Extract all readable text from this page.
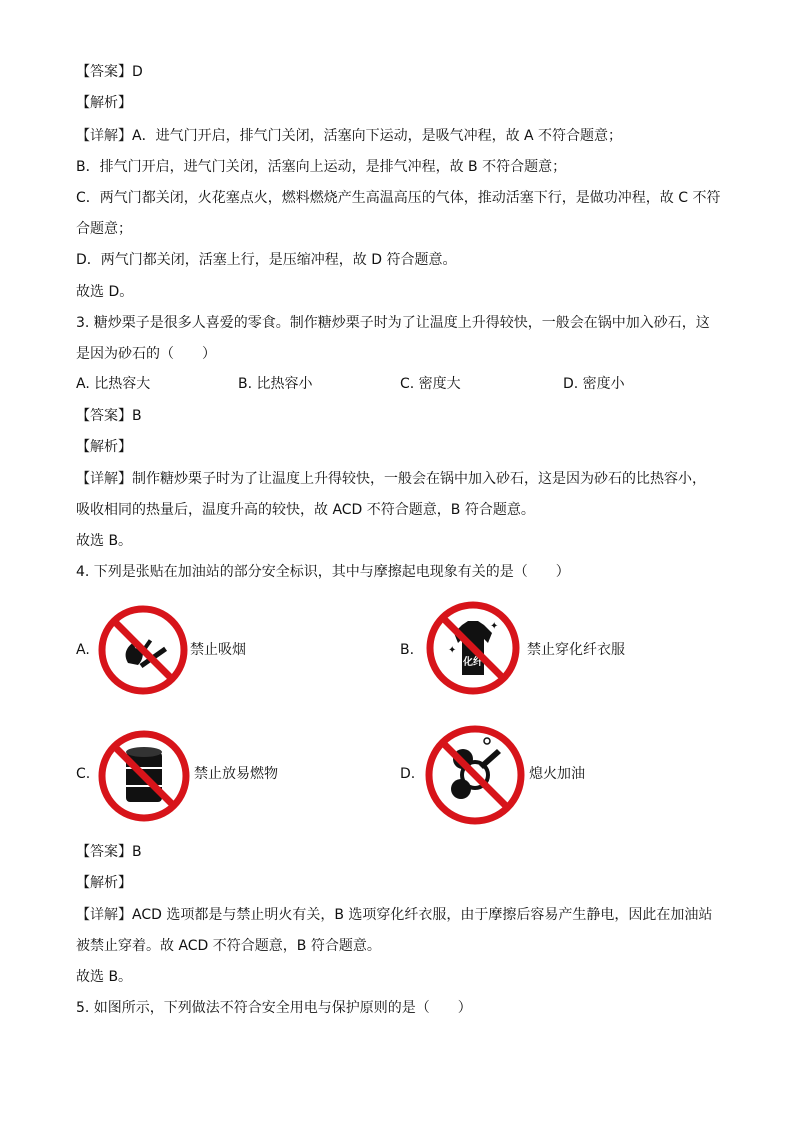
【答案】D
【解析】
【详解】A．进气门开启，排气门关闭，活塞向下运动，是吸气冲程，故 A 不符合题意；
B．排气门开启，进气门关闭，活塞向上运动，是排气冲程，故 B 不符合题意；
C．两气门都关闭，火花塞点火，燃料燃烧产生高温高压的气体，推动活塞下行，是做功冲程，故 C 不符
合题意；
D．两气门都关闭，活塞上行，是压缩冲程，故 D 符合题意。
故选 D。
3. 糖炒栗子是很多人喜爱的零食。制作糖炒栗子时为了让温度上升得较快，一般会在锅中加入砂石，这
是因为砂石的（　　）
A. 比热容大	B. 比热容小	C. 密度大	D. 密度小
【答案】B
【解析】
【详解】制作糖炒栗子时为了让温度上升得较快，一般会在锅中加入砂石，这是因为砂石的比热容小，
吸收相同的热量后，温度升高的较快，故 ACD 不符合题意，B 符合题意。
故选 B。
4. 下列是张贴在加油站的部分安全标识，其中与摩擦起电现象有关的是（　　）
A.	禁止吸烟	B.
化纤
✦
✦
禁止穿化纤衣服
C.	禁止放易燃物	D.	熄火加油
【答案】B
【解析】
【详解】ACD 选项都是与禁止明火有关，B 选项穿化纤衣服，由于摩擦后容易产生静电，因此在加油站
被禁止穿着。故 ACD 不符合题意，B 符合题意。
故选 B。
5. 如图所示，下列做法不符合安全用电与保护原则的是（　　）
